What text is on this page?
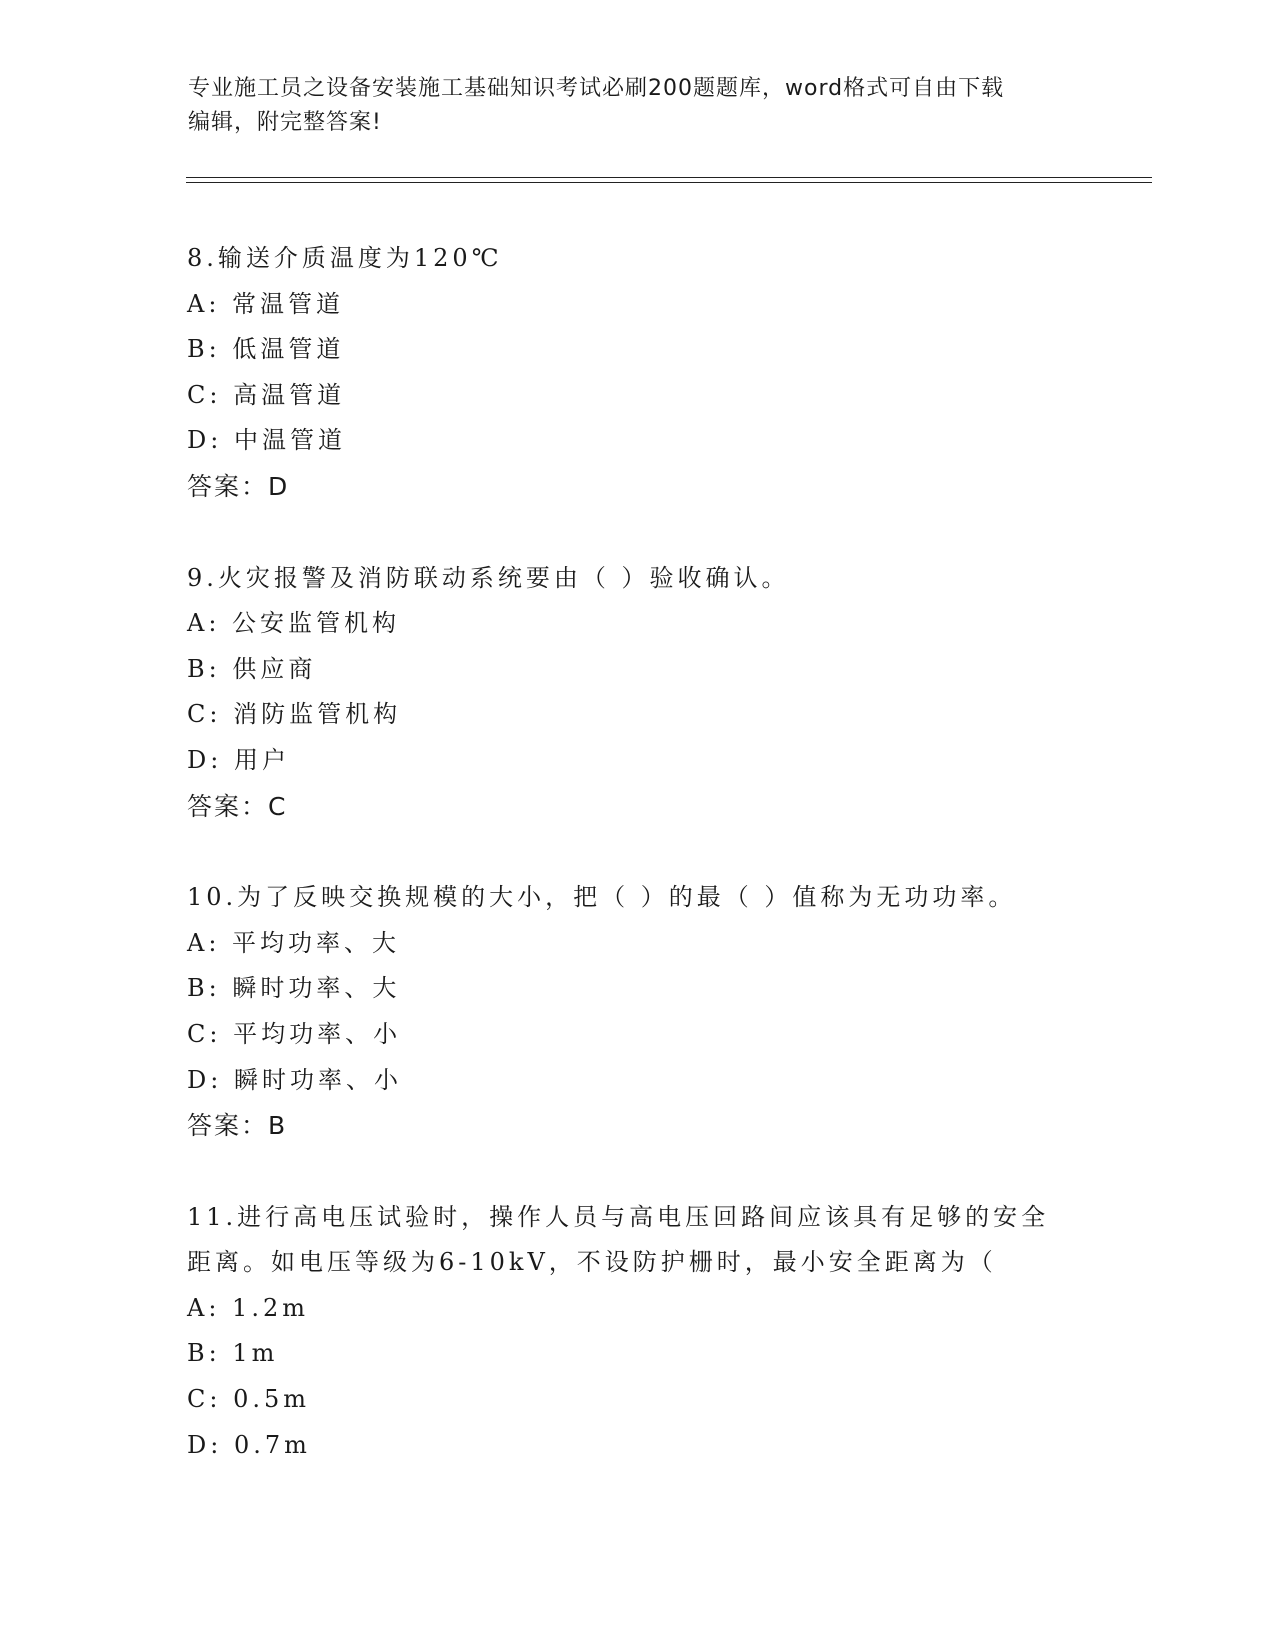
专业施工员之设备安装施工基础知识考试必刷200题题库，word格式可自由下载
编辑，附完整答案!
8.输送介质温度为120℃
A: 常温管道
B: 低温管道
C: 高温管道
D: 中温管道
答案：D
9.火灾报警及消防联动系统要由（ ）验收确认。
A: 公安监管机构
B: 供应商
C: 消防监管机构
D: 用户
答案：C
10.为了反映交换规模的大小，把（ ）的最（ ）值称为无功功率。
A: 平均功率、大
B: 瞬时功率、大
C: 平均功率、小
D: 瞬时功率、小
答案：B
11.进行高电压试验时，操作人员与高电压回路间应该具有足够的安全
距离。如电压等级为6-10kV，不设防护栅时，最小安全距离为（
A: 1.2m
B: 1m
C: 0.5m
D: 0.7m
